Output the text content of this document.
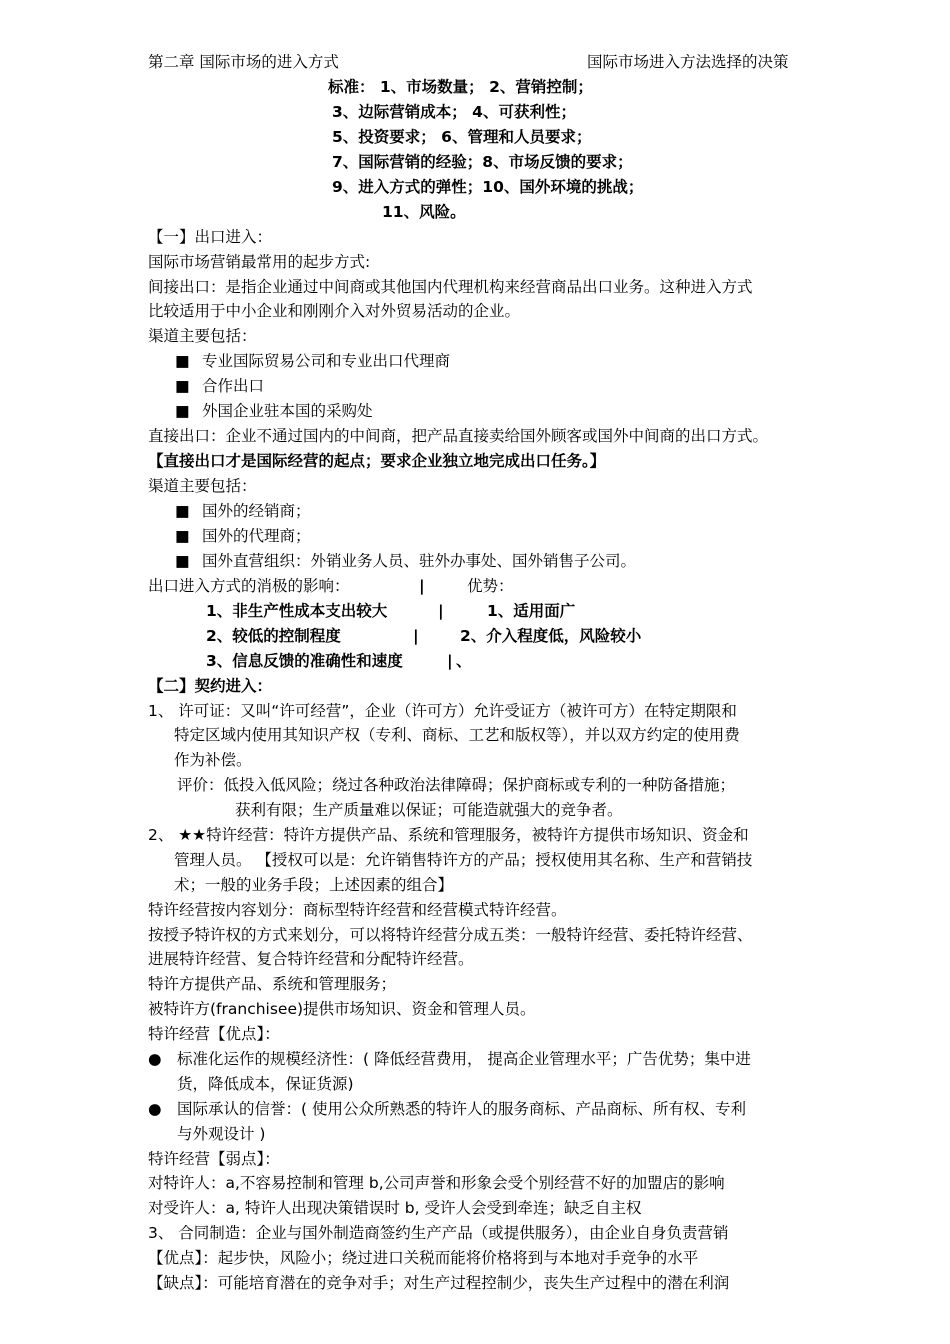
第二章 国际市场的进入方式	国际市场进入方法选择的决策
标准： 1、市场数量； 2、营销控制；
3、边际营销成本； 4、可获利性；
5、投资要求； 6、管理和人员要求；
7、国际营销的经验；8、市场反馈的要求；
9、进入方式的弹性；10、国外环境的挑战；
11、风险。
【一】出口进入：
国际市场营销最常用的起步方式:
间接出口：是指企业通过中间商或其他国内代理机构来经营商品出口业务。这种进入方式
比较适用于中小企业和刚刚介入对外贸易活动的企业。
渠道主要包括：
■
专业国际贸易公司和专业出口代理商
■
合作出口
■
外国企业驻本国的采购处
直接出口：企业不通过国内的中间商，把产品直接卖给国外顾客或国外中间商的出口方式。
【直接出口才是国际经营的起点；要求企业独立地完成出口任务。】
渠道主要包括：
■
国外的经销商；
■
国外的代理商；
■
国外直营组织：外销业务人员、驻外办事处、国外销售子公司。
出口进入方式的消极的影响：	|	优势：
1、非生产性成本支出较大	|	1、适用面广
2、较低的控制程度	|	2、介入程度低，风险较小
3、信息反馈的准确性和速度	| 、
【二】契约进入：
1、 许可证：又叫“许可经营”，企业（许可方）允许受证方（被许可方）在特定期限和
特定区域内使用其知识产权（专利、商标、工艺和版权等），并以双方约定的使用费
作为补偿。
评价：低投入低风险；绕过各种政治法律障碍；保护商标或专利的一种防备措施；
获利有限；生产质量难以保证；可能造就强大的竞争者。
2、 ★★特许经营：特许方提供产品、系统和管理服务，被特许方提供市场知识、资金和
管理人员。 【授权可以是：允许销售特许方的产品；授权使用其名称、生产和营销技
术；一般的业务手段；上述因素的组合】
特许经营按内容划分：商标型特许经营和经营模式特许经营。
按授予特许权的方式来划分，可以将特许经营分成五类：一般特许经营、委托特许经营、
进展特许经营、复合特许经营和分配特许经营。
特许方提供产品、系统和管理服务；
被特许方(franchisee)提供市场知识、资金和管理人员。
特许经营【优点】：
●
标准化运作的规模经济性：( 降低经营费用， 提高企业管理水平；广告优势；集中进
货，降低成本，保证货源)
●
国际承认的信誉：( 使用公众所熟悉的特许人的服务商标、产品商标、所有权、专利
与外观设计 )
特许经营【弱点】：
对特许人：a,不容易控制和管理 b,公司声誉和形象会受个别经营不好的加盟店的影响
对受许人：a, 特许人出现决策错误时 b, 受许人会受到牵连；缺乏自主权
3、 合同制造：企业与国外制造商签约生产产品（或提供服务），由企业自身负责营销
【优点】：起步快，风险小；绕过进口关税而能将价格将到与本地对手竞争的水平
【缺点】：可能培育潜在的竞争对手；对生产过程控制少，丧失生产过程中的潜在利润
